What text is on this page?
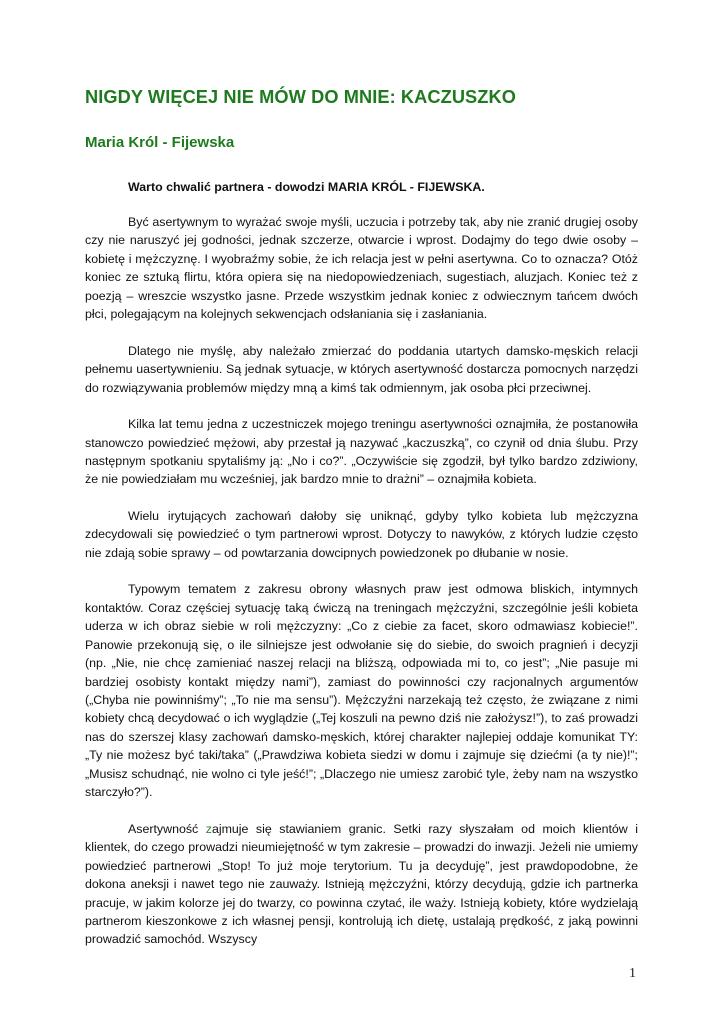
NIGDY WIĘCEJ NIE MÓW DO MNIE: KACZUSZKO
Maria Król - Fijewska

Warto chwalić partnera - dowodzi MARIA KRÓL - FIJEWSKA.

Być asertywnym to wyrażać swoje myśli, uczucia i potrzeby tak, aby nie zranić drugiej osoby czy nie naruszyć jej godności, jednak szczerze, otwarcie i wprost. Dodajmy do tego dwie osoby – kobietę i mężczyznę. I wyobraźmy sobie, że ich relacja jest w pełni asertywna. Co to oznacza? Otóż koniec ze sztuką flirtu, która opiera się na niedopowiedzeniach, sugestiach, aluzjach. Koniec też z poezją – wreszcie wszystko jasne. Przede wszystkim jednak koniec z odwiecznym tańcem dwóch płci, polegającym na kolejnych sekwencjach odsłaniania się i zasłaniania.

Dlatego nie myślę, aby należało zmierzać do poddania utartych damsko-męskich relacji pełnemu uasertywnieniu. Są jednak sytuacje, w których asertywność dostarcza pomocnych narzędzi do rozwiązywania problemów między mną a kimś tak odmiennym, jak osoba płci przeciwnej.

Kilka lat temu jedna z uczestniczek mojego treningu asertywności oznajmiła, że postanowiła stanowczo powiedzieć mężowi, aby przestał ją nazywać „kaczuszką”, co czynił od dnia ślubu. Przy następnym spotkaniu spytaliśmy ją: „No i co?”. „Oczywiście się zgodził, był tylko bardzo zdziwiony, że nie powiedziałam mu wcześniej, jak bardzo mnie to drażni” – oznajmiła kobieta.

Wielu irytujących zachowań dałoby się uniknąć, gdyby tylko kobieta lub mężczyzna zdecydowali się powiedzieć o tym partnerowi wprost. Dotyczy to nawyków, z których ludzie często nie zdają sobie sprawy – od powtarzania dowcipnych powiedzonek po dłubanie w nosie.

Typowym tematem z zakresu obrony własnych praw jest odmowa bliskich, intymnych kontaktów. Coraz częściej sytuację taką ćwiczą na treningach mężczyźni, szczególnie jeśli kobieta uderza w ich obraz siebie w roli mężczyzny: „Co z ciebie za facet, skoro odmawiasz kobiecie!”. Panowie przekonują się, o ile silniejsze jest odwołanie się do siebie, do swoich pragnień i decyzji (np. „Nie, nie chcę zamieniać naszej relacji na bliższą, odpowiada mi to, co jest”; „Nie pasuje mi bardziej osobisty kontakt między nami”), zamiast do powinności czy racjonalnych argumentów („Chyba nie powinniśmy”; „To nie ma sensu”). Mężczyźni narzekają też często, że związane z nimi kobiety chcą decydować o ich wyglądzie („Tej koszuli na pewno dziś nie założysz!”), to zaś prowadzi nas do szerszej klasy zachowań damsko-męskich, której charakter najlepiej oddaje komunikat TY: „Ty nie możesz być taki/taka” („Prawdziwa kobieta siedzi w domu i zajmuje się dziećmi (a ty nie)!”; „Musisz schudnąć, nie wolno ci tyle jeść!”; „Dlaczego nie umiesz zarobić tyle, żeby nam na wszystko starczyło?”).

Asertywność zajmuje się stawianiem granic. Setki razy słyszałam od moich klientów i klientek, do czego prowadzi nieumiejętność w tym zakresie – prowadzi do inwazji. Jeżeli nie umiemy powiedzieć partnerowi „Stop! To już moje terytorium. Tu ja decyduję”, jest prawdopodobne, że dokona aneksji i nawet tego nie zauważy. Istnieją mężczyźni, którzy decydują, gdzie ich partnerka pracuje, w jakim kolorze jej do twarzy, co powinna czytać, ile waży. Istnieją kobiety, które wydzielają partnerom kieszonkowe z ich własnej pensji, kontrolują ich dietę, ustalają prędkość, z jaką powinni prowadzić samochód. Wszyscy

1
